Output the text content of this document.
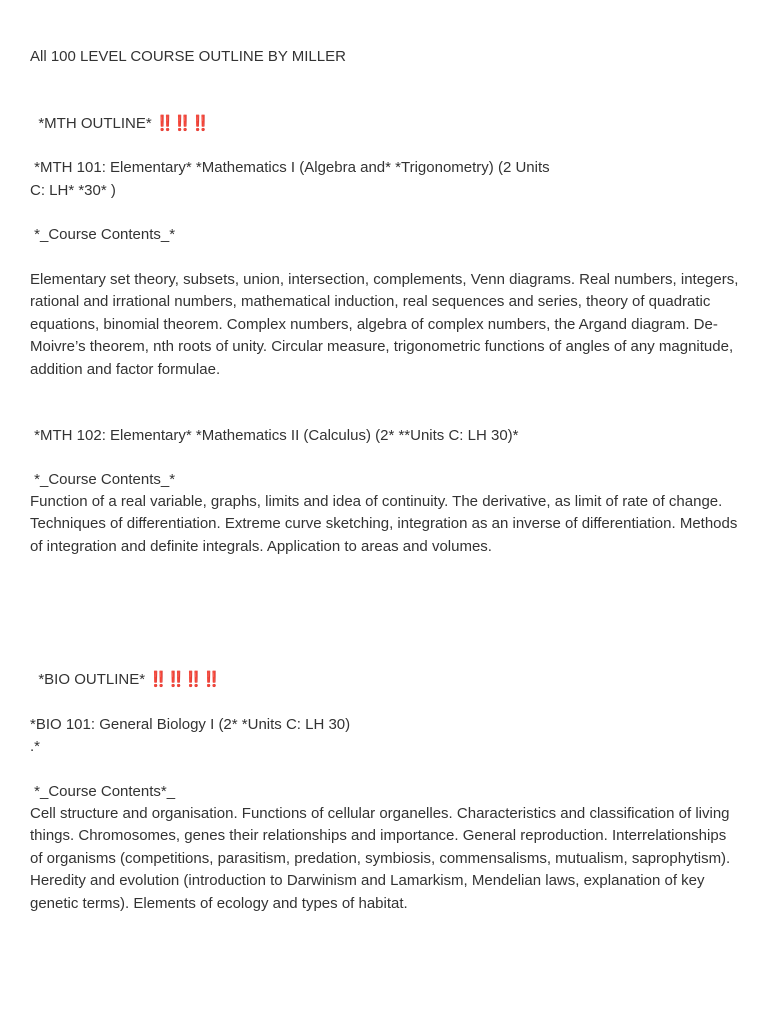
All 100 LEVEL COURSE OUTLINE BY MILLER

*MTH OUTLINE* ‼️‼️‼️

*MTH 101: Elementary* *Mathematics I (Algebra and* *Trigonometry) (2 Units
C: LH* *30* )
*_Course Contents_*
Elementary set theory, subsets, union, intersection, complements, Venn diagrams. Real numbers, integers, rational and irrational numbers, mathematical induction, real sequences and series, theory of quadratic equations, binomial theorem. Complex numbers, algebra of complex numbers, the Argand diagram. De-Moivre’s theorem, nth roots of unity. Circular measure, trigonometric functions of angles of any magnitude, addition and factor formulae.
*MTH 102: Elementary* *Mathematics II (Calculus) (2* **Units C: LH 30)*
*_Course Contents_*
Function of a real variable, graphs, limits and idea of continuity. The derivative, as limit of rate of change. Techniques of differentiation. Extreme curve sketching, integration as an inverse of differentiation. Methods of integration and definite integrals. Application to areas and volumes.

*BIO OUTLINE* ‼️‼️‼️‼️

*BIO 101: General Biology I (2* *Units C: LH 30)
.*
*_Course Contents*_
Cell structure and organisation. Functions of cellular organelles. Characteristics and classification of living things. Chromosomes, genes their relationships and importance. General reproduction. Interrelationships of organisms (competitions, parasitism, predation, symbiosis, commensalisms, mutualism, saprophytism). Heredity and evolution (introduction to Darwinism and Lamarkism, Mendelian laws, explanation of key genetic terms). Elements of ecology and types of habitat.
